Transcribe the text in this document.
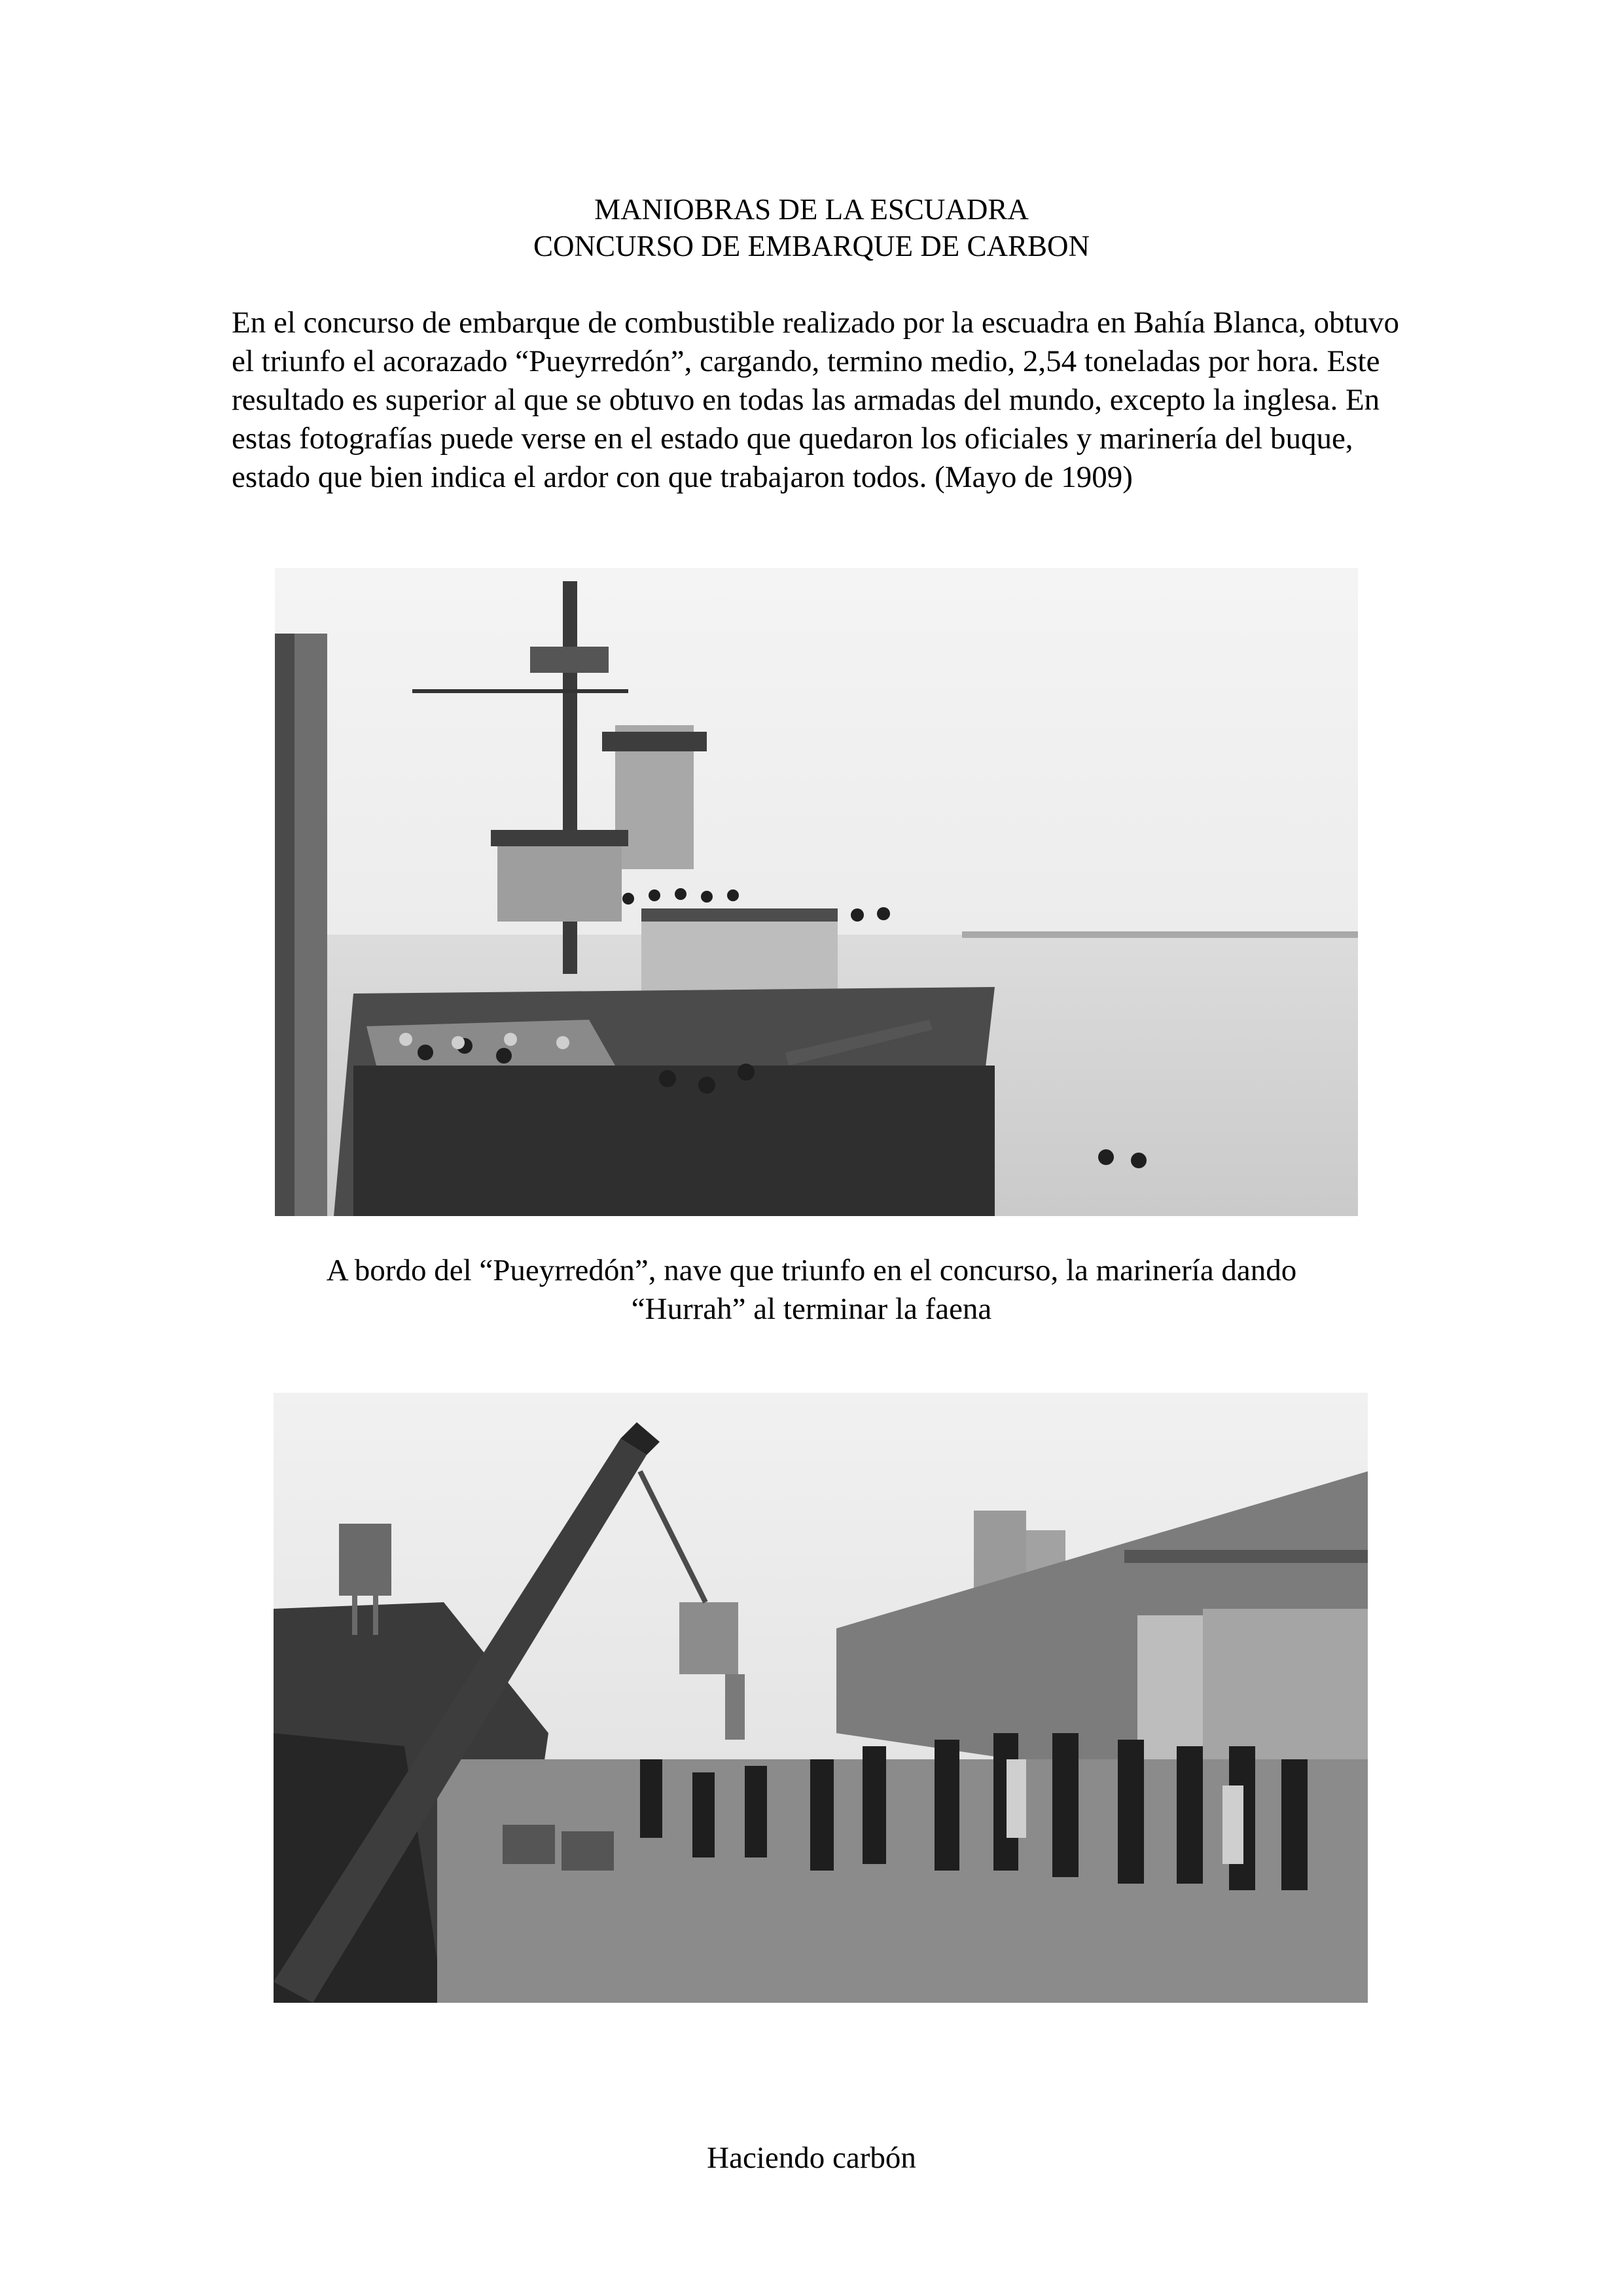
MANIOBRAS DE LA ESCUADRA
CONCURSO DE EMBARQUE DE CARBON

En el concurso de embarque de combustible realizado por la escuadra en Bahía Blanca, obtuvo el triunfo el acorazado “Pueyrredón”, cargando, termino medio, 2,54 toneladas por hora. Este resultado es superior al que se obtuvo en todas las armadas del mundo, excepto la inglesa. En estas fotografías puede verse en el estado que quedaron los oficiales y marinería del buque, estado que bien indica el ardor con que trabajaron todos. (Mayo de 1909)

A bordo del “Pueyrredón”, nave que triunfo en el concurso, la marinería dando
“Hurrah” al terminar la faena

Haciendo carbón
